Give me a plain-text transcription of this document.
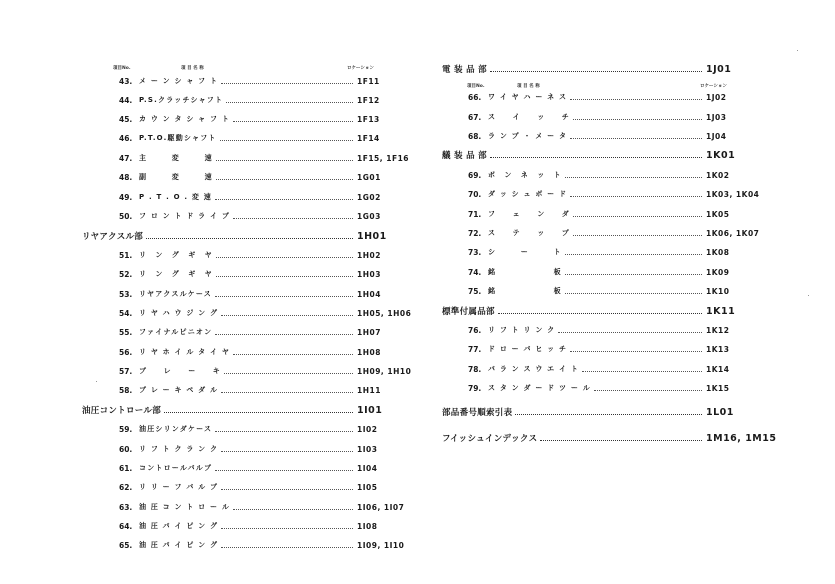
項目No.	項 目 名 称	ロケーション
43. メ ー ン シ ャ フ ト	1F11
44. P.S.クラッチシャフト	1F12
45. カ ウ ン タ シ ャ フ ト	1F13
46. P.T.O.駆動シャフト	1F14
47. 主　　　変　　　速	1F15, 1F16
48. 副　　　変　　　速	1G01
49. P . T . O . 変 速	1G02
50. フ ロ ン ト ド ラ イ ブ	1G03
リヤアクスル部	1H01
51. リ　ン　グ　ギ　ヤ	1H02
52. リ　ン　グ　ギ　ヤ	1H03
53. リヤアクスルケース	1H04
54. リ ヤ ハ ウ ジ ン グ	1H05, 1H06
55. ファイナルピニオン	1H07
56. リ ヤ ホ イ ル タ イ ヤ	1H08
57. ブ　　レ　　ー　　キ	1H09, 1H10
58. ブ レ ー キ ペ ダ ル	1H11
油圧コントロール部	1I01
59. 油圧シリンダケース	1I02
60. リ フ ト ク ラ ン ク	1I03
61. コントロールバルブ	1I04
62. リ リ ー フ バ ル ブ	1I05
63. 油 圧 コ ン ト ロ ー ル	1I06, 1I07
64. 油 圧 パ イ ピ ン グ	1I08
65. 油 圧 パ イ ピ ン グ	1I09, 1I10
項目No.	項 目 名 称	ロケーション
電 装 品 部	1J01
66. ワ イ ヤ ハ ー ネ ス	1J02
67. ス　　イ　　ッ　　チ	1J03
68. ラ ン プ ・ メ ー タ	1J04
艤 装 品 部	1K01
69. ボ　ン　ネ　ッ　ト	1K02
70. ダ ッ シ ュ ボ ー ド	1K03, 1K04
71. フ　　ェ　　ン　　ダ	1K05
72. ス　　テ　　ッ　　プ	1K06, 1K07
73. シ　　　ー　　　ト	1K08
74. 銘　　　　　　　板	1K09
75. 銘　　　　　　　板	1K10
標準付属品部	1K11
76. リ フ ト リ ン ク	1K12
77. ド ロ ー バ ヒ ッ チ	1K13
78. バ ラ ン ス ウ エ イ ト	1K14
79. ス タ ン ダ ー ド ツ ー ル	1K15
部品番号順索引表	1L01
フイッシュインデックス	1M16, 1M15
